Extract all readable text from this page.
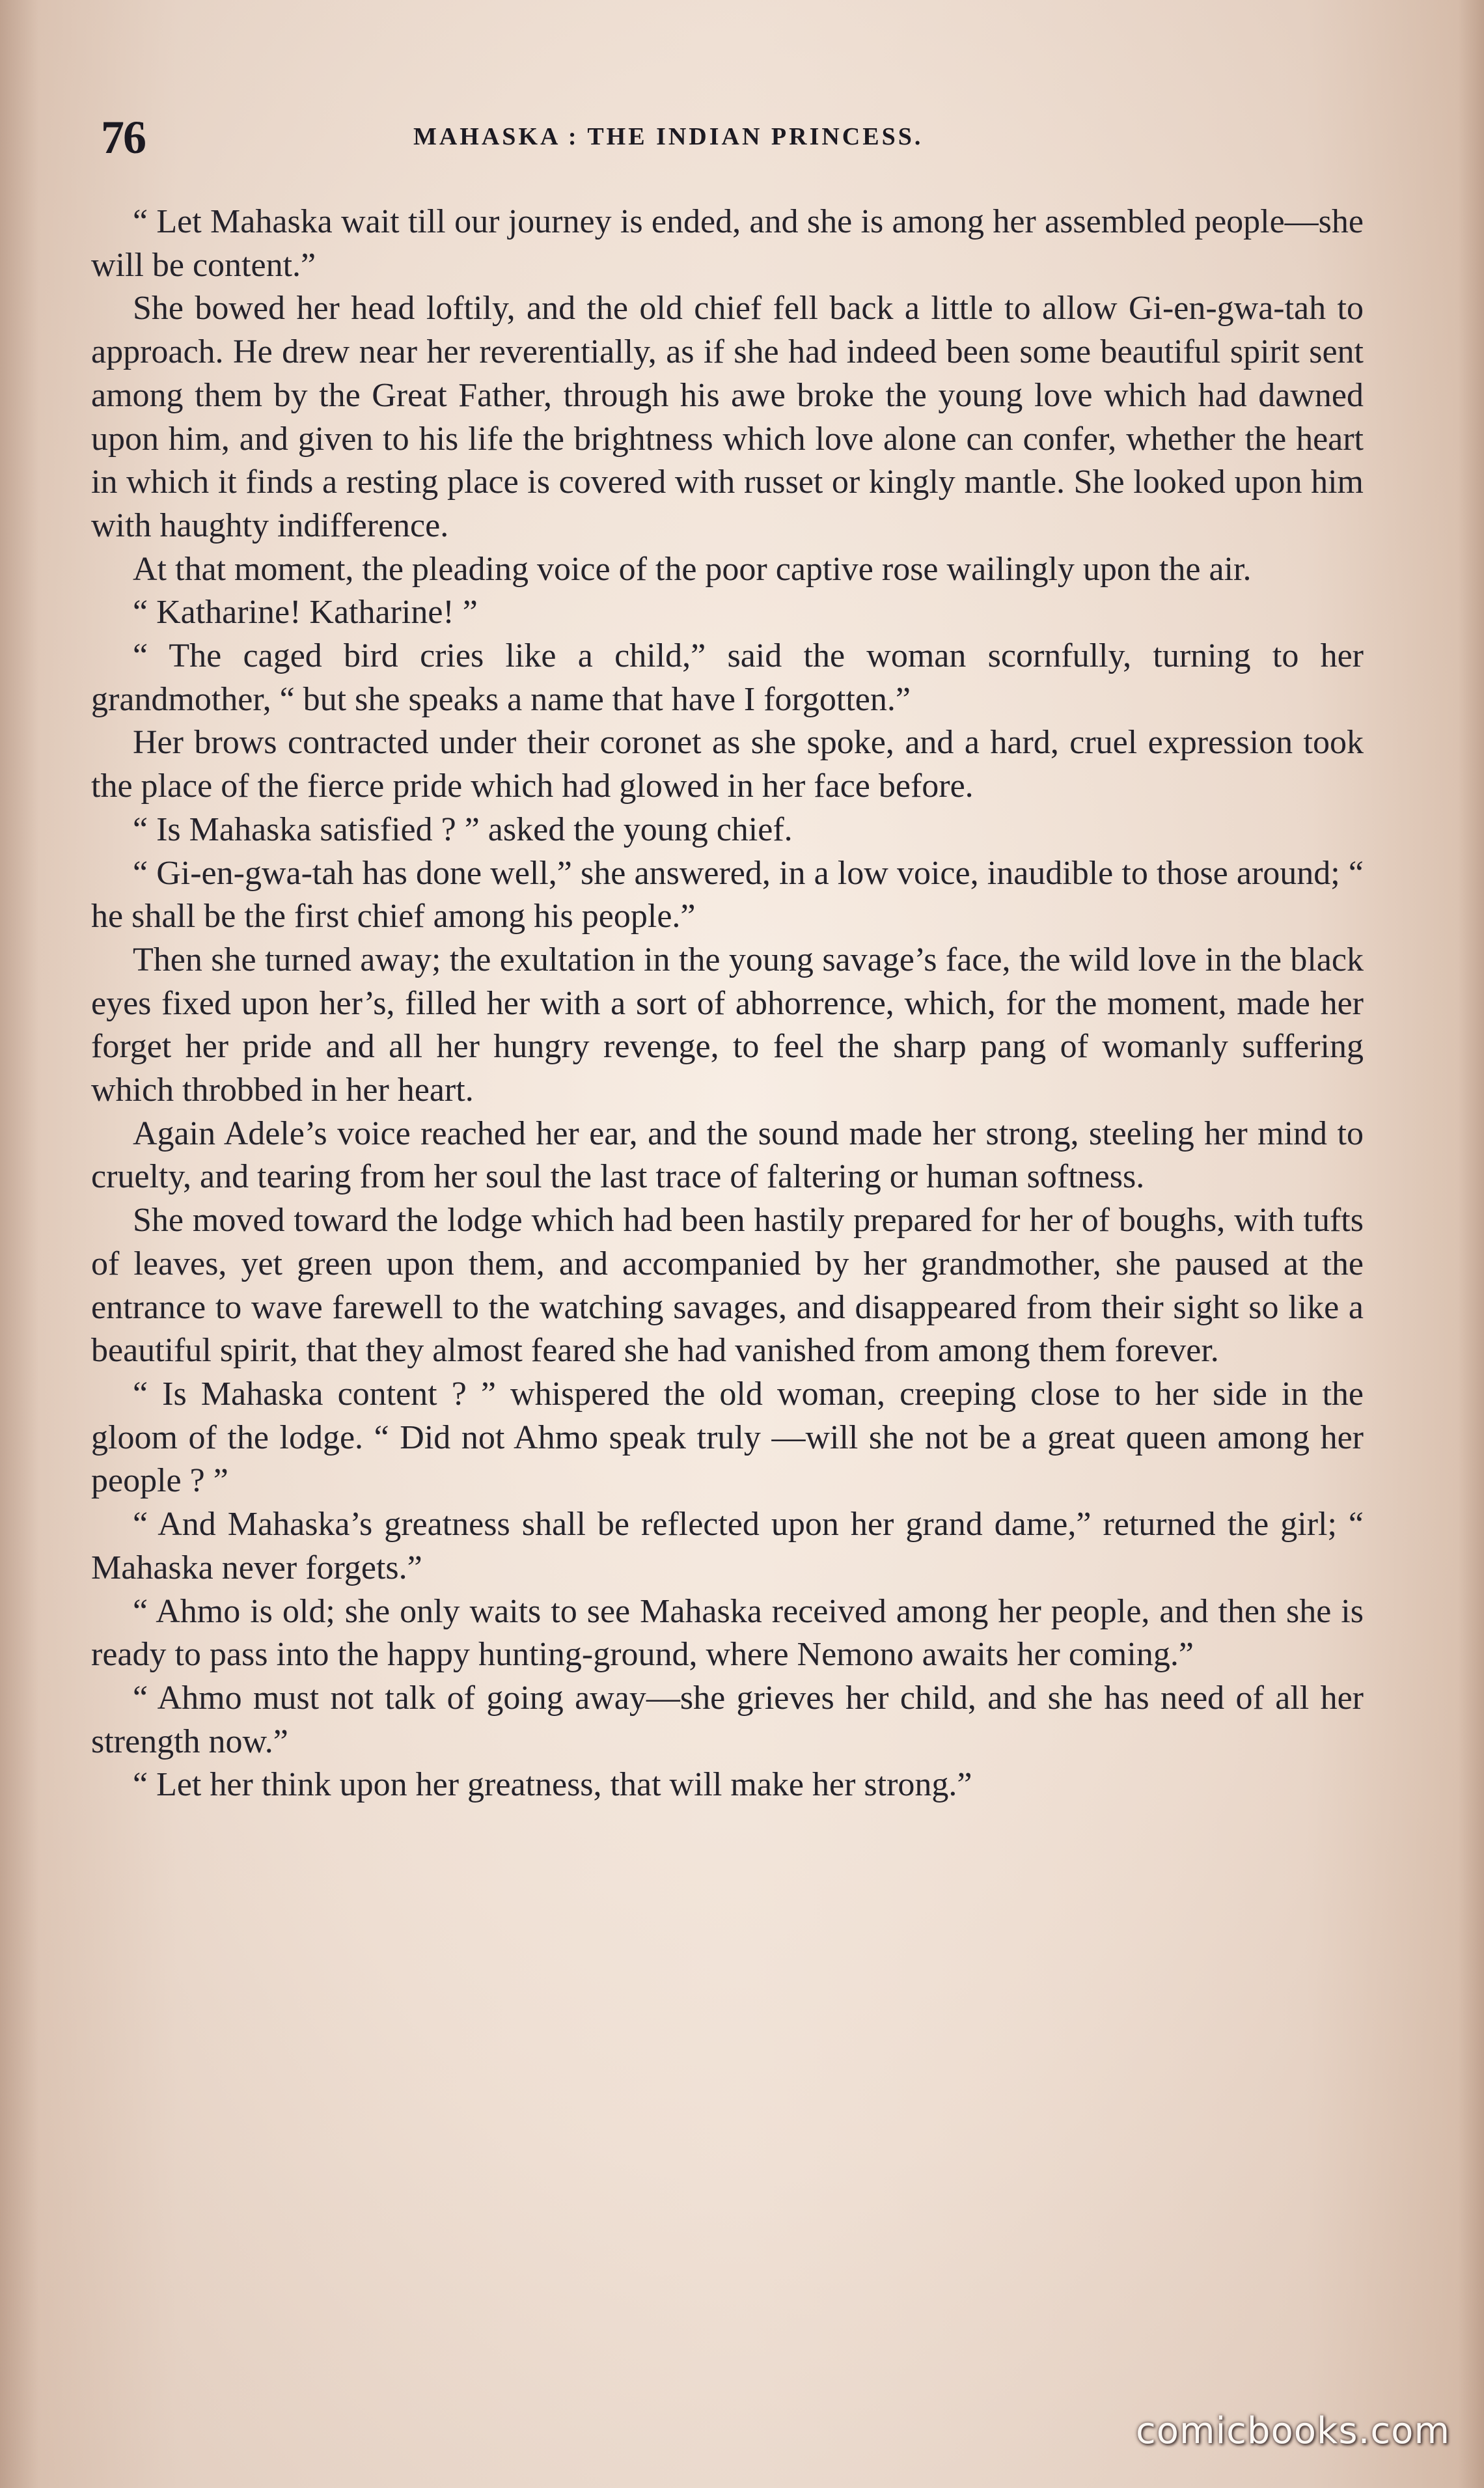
76	MAHASKA : THE INDIAN PRINCESS.

“ Let Mahaska wait till our journey is ended, and she is among her assembled people—she will be content.”

She bowed her head loftily, and the old chief fell back a little to allow Gi-en-gwa-tah to approach. He drew near her reverentially, as if she had indeed been some beautiful spirit sent among them by the Great Father, through his awe broke the young love which had dawned upon him, and given to his life the brightness which love alone can confer, whether the heart in which it finds a resting place is covered with russet or kingly mantle. She looked upon him with haughty indifference.

At that moment, the pleading voice of the poor captive rose wailingly upon the air.

“ Katharine! Katharine! ”

“ The caged bird cries like a child,” said the woman scornfully, turning to her grandmother, “ but she speaks a name that have I forgotten.”

Her brows contracted under their coronet as she spoke, and a hard, cruel expression took the place of the fierce pride which had glowed in her face before.

“ Is Mahaska satisfied ? ” asked the young chief.

“ Gi-en-gwa-tah has done well,” she answered, in a low voice, inaudible to those around; “ he shall be the first chief among his people.”

Then she turned away; the exultation in the young savage’s face, the wild love in the black eyes fixed upon her’s, filled her with a sort of abhorrence, which, for the moment, made her forget her pride and all her hungry revenge, to feel the sharp pang of womanly suffering which throbbed in her heart.

Again Adele’s voice reached her ear, and the sound made her strong, steeling her mind to cruelty, and tearing from her soul the last trace of faltering or human softness.

She moved toward the lodge which had been hastily prepared for her of boughs, with tufts of leaves, yet green upon them, and accompanied by her grandmother, she paused at the entrance to wave farewell to the watching savages, and disappeared from their sight so like a beautiful spirit, that they almost feared she had vanished from among them forever.

“ Is Mahaska content ? ” whispered the old woman, creeping close to her side in the gloom of the lodge. “ Did not Ahmo speak truly —will she not be a great queen among her people ? ”

“ And Mahaska’s greatness shall be reflected upon her grand dame,” returned the girl; “ Mahaska never forgets.”

“ Ahmo is old; she only waits to see Mahaska received among her people, and then she is ready to pass into the happy hunting-ground, where Nemono awaits her coming.”

“ Ahmo must not talk of going away—she grieves her child, and she has need of all her strength now.”

“ Let her think upon her greatness, that will make her strong.”

comicbooks.com
